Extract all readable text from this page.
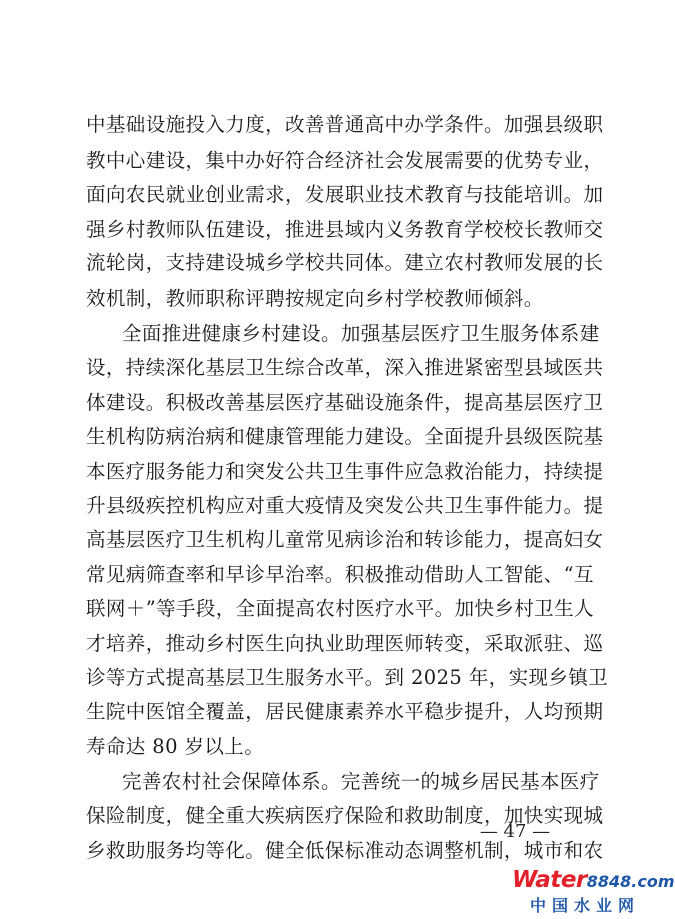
中基础设施投入力度，改善普通高中办学条件。加强县级职
教中心建设，集中办好符合经济社会发展需要的优势专业，
面向农民就业创业需求，发展职业技术教育与技能培训。加
强乡村教师队伍建设，推进县域内义务教育学校校长教师交
流轮岗，支持建设城乡学校共同体。建立农村教师发展的长
效机制，教师职称评聘按规定向乡村学校教师倾斜。
全面推进健康乡村建设。加强基层医疗卫生服务体系建
设，持续深化基层卫生综合改革，深入推进紧密型县域医共
体建设。积极改善基层医疗基础设施条件，提高基层医疗卫
生机构防病治病和健康管理能力建设。全面提升县级医院基
本医疗服务能力和突发公共卫生事件应急救治能力，持续提
升县级疾控机构应对重大疫情及突发公共卫生事件能力。提
高基层医疗卫生机构儿童常见病诊治和转诊能力，提高妇女
常见病筛查率和早诊早治率。积极推动借助人工智能、“互
联网＋”等手段，全面提高农村医疗水平。加快乡村卫生人
才培养，推动乡村医生向执业助理医师转变，采取派驻、巡
诊等方式提高基层卫生服务水平。到 2025 年，实现乡镇卫
生院中医馆全覆盖，居民健康素养水平稳步提升，人均预期
寿命达 80 岁以上。
完善农村社会保障体系。完善统一的城乡居民基本医疗
保险制度，健全重大疾病医疗保险和救助制度，加快实现城
乡救助服务均等化。健全低保标准动态调整机制，城市和农
— 47 —
Water8848.com
中国水业网
